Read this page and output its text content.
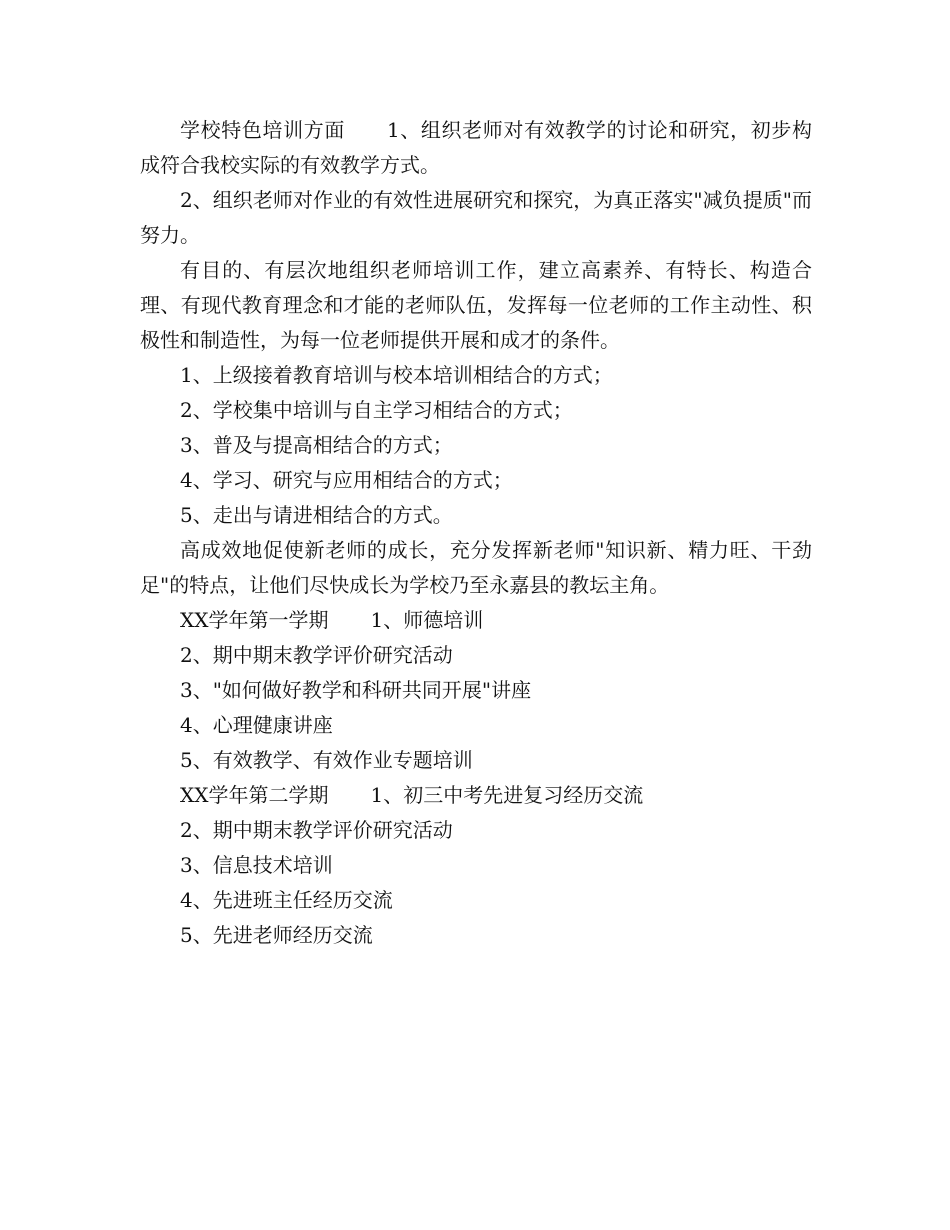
学校特色培训方面 1、组织老师对有效教学的讨论和研究，初步构成符合我校实际的有效教学方式。

2、组织老师对作业的有效性进展研究和探究，为真正落实"减负提质"而努力。

有目的、有层次地组织老师培训工作，建立高素养、有特长、构造合理、有现代教育理念和才能的老师队伍，发挥每一位老师的工作主动性、积极性和制造性，为每一位老师提供开展和成才的条件。

1、上级接着教育培训与校本培训相结合的方式；

2、学校集中培训与自主学习相结合的方式；

3、普及与提高相结合的方式；

4、学习、研究与应用相结合的方式；

5、走出与请进相结合的方式。

高成效地促使新老师的成长，充分发挥新老师"知识新、精力旺、干劲足"的特点，让他们尽快成长为学校乃至永嘉县的教坛主角。

XX学年第一学期 1、师德培训

2、期中期末教学评价研究活动

3、"如何做好教学和科研共同开展"讲座

4、心理健康讲座

5、有效教学、有效作业专题培训

XX学年第二学期 1、初三中考先进复习经历交流

2、期中期末教学评价研究活动

3、信息技术培训

4、先进班主任经历交流

5、先进老师经历交流
